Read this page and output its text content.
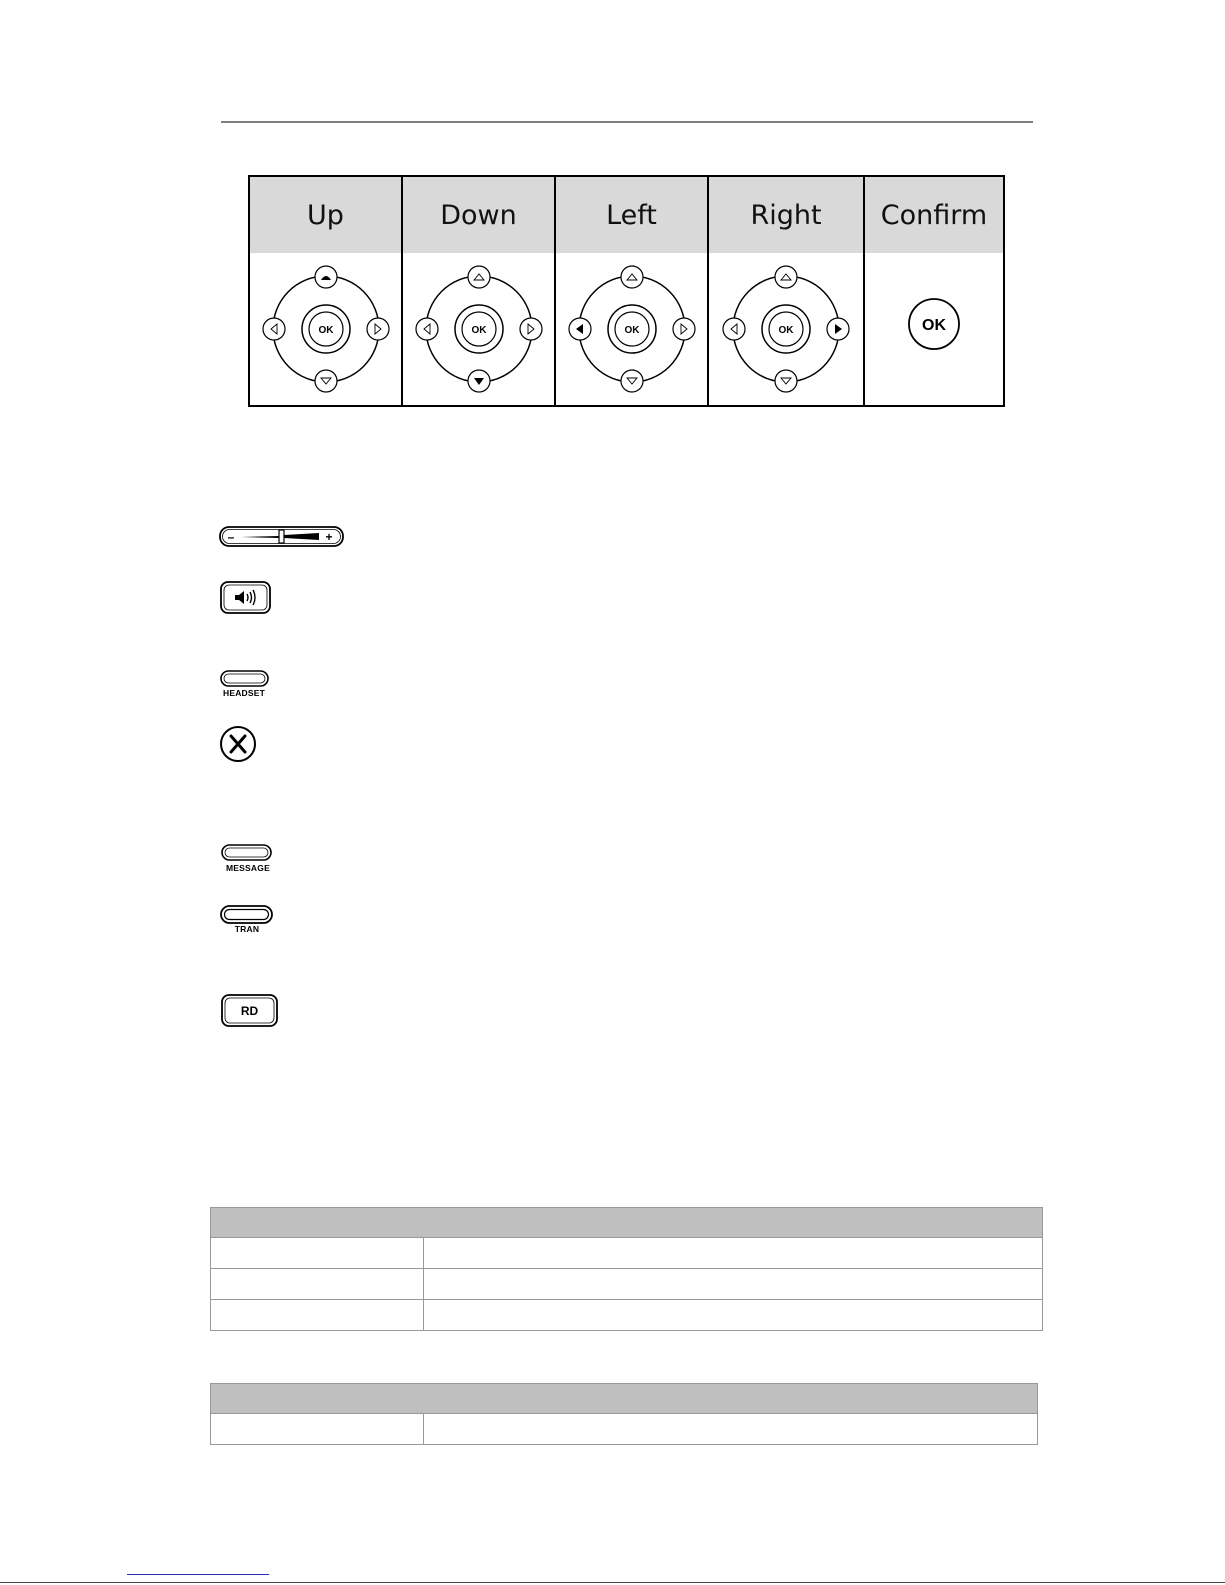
Up
OK
Down
OK
Left
OK
Right
OK
Confirm
OK
–	+
HEADSET
MESSAGE
TRAN
RD
